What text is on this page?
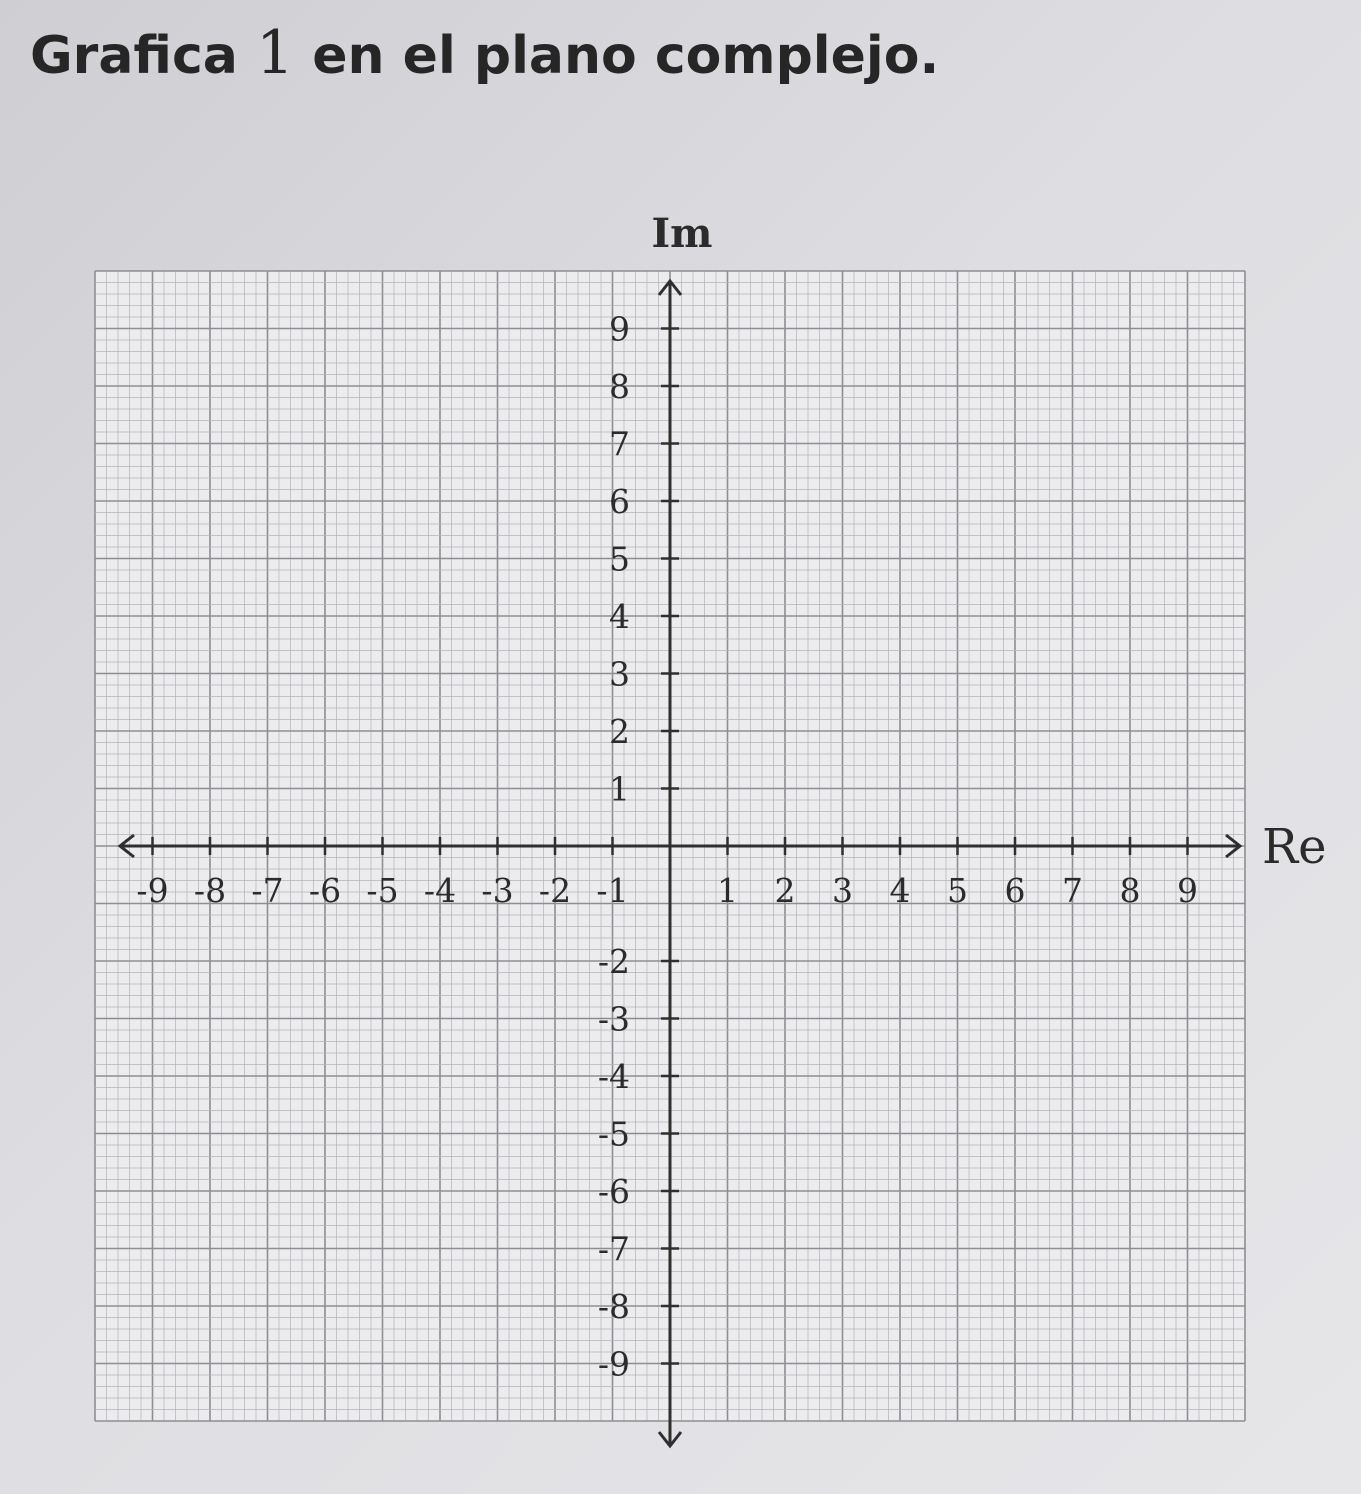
Grafica 1 en el plano complejo.
-9 -8 -7 -6 -5 -4 -3 -2 -1	1 2 3 4 5 6 7 8 9
9
8
7
6
5
4
3
2
1
-2
-3
-4
-5
-6
-7
-8
-9
Re
Im
